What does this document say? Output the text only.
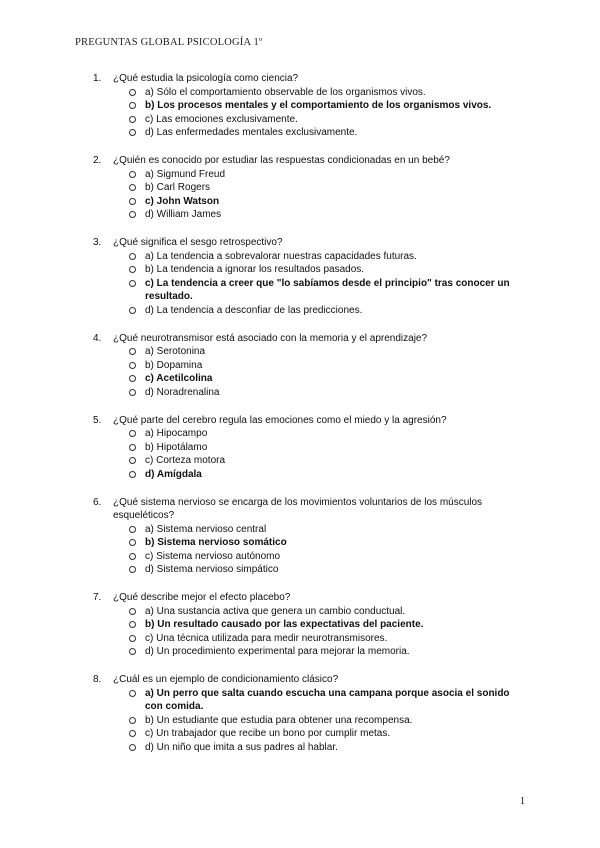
PREGUNTAS GLOBAL PSICOLOGÍA 1º
1. ¿Qué estudia la psicología como ciencia?
a) Sólo el comportamiento observable de los organismos vivos.
b) Los procesos mentales y el comportamiento de los organismos vivos.
c) Las emociones exclusivamente.
d) Las enfermedades mentales exclusivamente.
2. ¿Quién es conocido por estudiar las respuestas condicionadas en un bebé?
a) Sigmund Freud
b) Carl Rogers
c) John Watson
d) William James
3. ¿Qué significa el sesgo retrospectivo?
a) La tendencia a sobrevalorar nuestras capacidades futuras.
b) La tendencia a ignorar los resultados pasados.
c) La tendencia a creer que "lo sabíamos desde el principio" tras conocer un resultado.
d) La tendencia a desconfiar de las predicciones.
4. ¿Qué neurotransmisor está asociado con la memoria y el aprendizaje?
a) Serotonina
b) Dopamina
c) Acetilcolina
d) Noradrenalina
5. ¿Qué parte del cerebro regula las emociones como el miedo y la agresión?
a) Hipocampo
b) Hipotálamo
c) Corteza motora
d) Amígdala
6. ¿Qué sistema nervioso se encarga de los movimientos voluntarios de los músculos esqueléticos?
a) Sistema nervioso central
b) Sistema nervioso somático
c) Sistema nervioso autónomo
d) Sistema nervioso simpático
7. ¿Qué describe mejor el efecto placebo?
a) Una sustancia activa que genera un cambio conductual.
b) Un resultado causado por las expectativas del paciente.
c) Una técnica utilizada para medir neurotransmisores.
d) Un procedimiento experimental para mejorar la memoria.
8. ¿Cuál es un ejemplo de condicionamiento clásico?
a) Un perro que salta cuando escucha una campana porque asocia el sonido con comida.
b) Un estudiante que estudia para obtener una recompensa.
c) Un trabajador que recibe un bono por cumplir metas.
d) Un niño que imita a sus padres al hablar.
1
